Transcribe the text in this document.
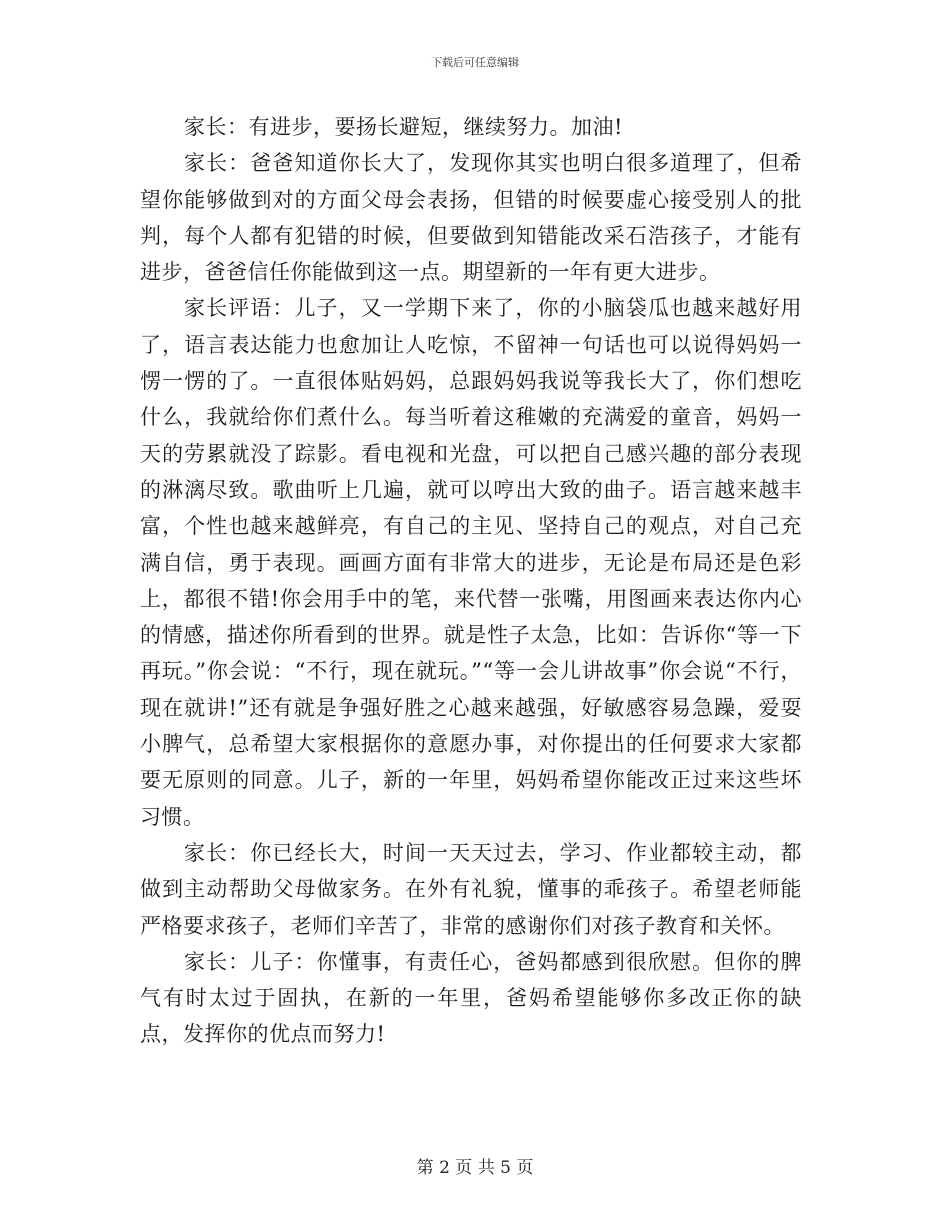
下载后可任意编辑

家长：有进步，要扬长避短，继续努力。加油!

家长：爸爸知道你长大了，发现你其实也明白很多道理了，但希望你能够做到对的方面父母会表扬，但错的时候要虚心接受别人的批判，每个人都有犯错的时候，但要做到知错能改采石浩孩子，才能有进步，爸爸信任你能做到这一点。期望新的一年有更大进步。

家长评语：儿子，又一学期下来了，你的小脑袋瓜也越来越好用了，语言表达能力也愈加让人吃惊，不留神一句话也可以说得妈妈一愣一愣的了。一直很体贴妈妈，总跟妈妈我说等我长大了，你们想吃什么，我就给你们煮什么。每当听着这稚嫩的充满爱的童音，妈妈一天的劳累就没了踪影。看电视和光盘，可以把自己感兴趣的部分表现的淋漓尽致。歌曲听上几遍，就可以哼出大致的曲子。语言越来越丰富，个性也越来越鲜亮，有自己的主见、坚持自己的观点，对自己充满自信，勇于表现。画画方面有非常大的进步，无论是布局还是色彩上，都很不错!你会用手中的笔，来代替一张嘴，用图画来表达你内心的情感，描述你所看到的世界。就是性子太急，比如：告诉你“等一下再玩。”你会说：“不行，现在就玩。”“等一会儿讲故事”你会说“不行，现在就讲!”还有就是争强好胜之心越来越强，好敏感容易急躁，爱耍小脾气，总希望大家根据你的意愿办事，对你提出的任何要求大家都要无原则的同意。儿子，新的一年里，妈妈希望你能改正过来这些坏习惯。

家长：你已经长大，时间一天天过去，学习、作业都较主动，都做到主动帮助父母做家务。在外有礼貌，懂事的乖孩子。希望老师能严格要求孩子，老师们辛苦了，非常的感谢你们对孩子教育和关怀。

家长：儿子：你懂事，有责任心，爸妈都感到很欣慰。但你的脾气有时太过于固执，在新的一年里，爸妈希望能够你多改正你的缺点，发挥你的优点而努力!

第 2 页 共 5 页
